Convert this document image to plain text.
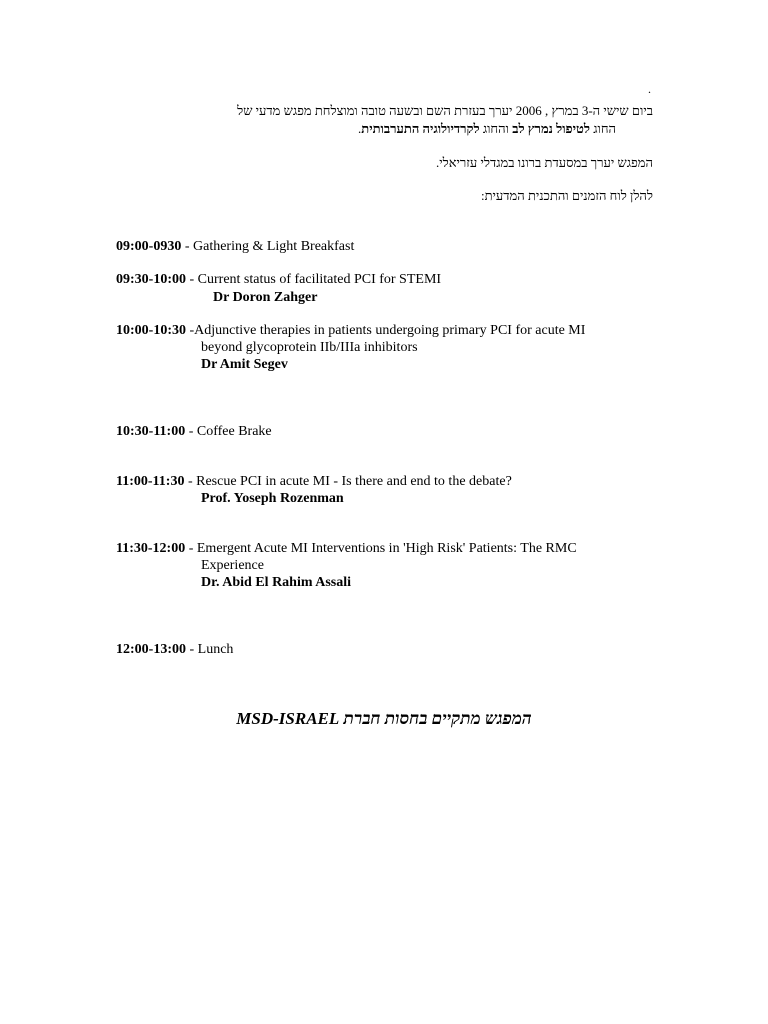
.
ביום שישי ה-3 במרץ , 2006 יערך בעזרת השם ובשעה טובה ומוצלחת מפגש מדעי של
החוג לטיפול נמרץ לב והחוג לקרדיולוגיה התערבותית.
המפגש יערך במסעדת ברונו במגדלי עזריאלי.
להלן לוח הזמנים והתכנית המדעית:
09:00-0930 - Gathering & Light Breakfast
09:30-10:00 - Current status of facilitated PCI for STEMI
Dr Doron Zahger
10:00-10:30 -Adjunctive therapies in patients undergoing primary PCI for acute MI
beyond glycoprotein IIb/IIIa inhibitors
Dr Amit Segev
10:30-11:00 - Coffee Brake
11:00-11:30 - Rescue PCI in acute MI - Is there and end to the debate?
Prof. Yoseph Rozenman
11:30-12:00 - Emergent Acute MI Interventions in 'High Risk' Patients: The RMC
Experience
Dr. Abid El Rahim Assali
12:00-13:00 - Lunch
המפגש מתקיים בחסות חברת MSD-ISRAEL
